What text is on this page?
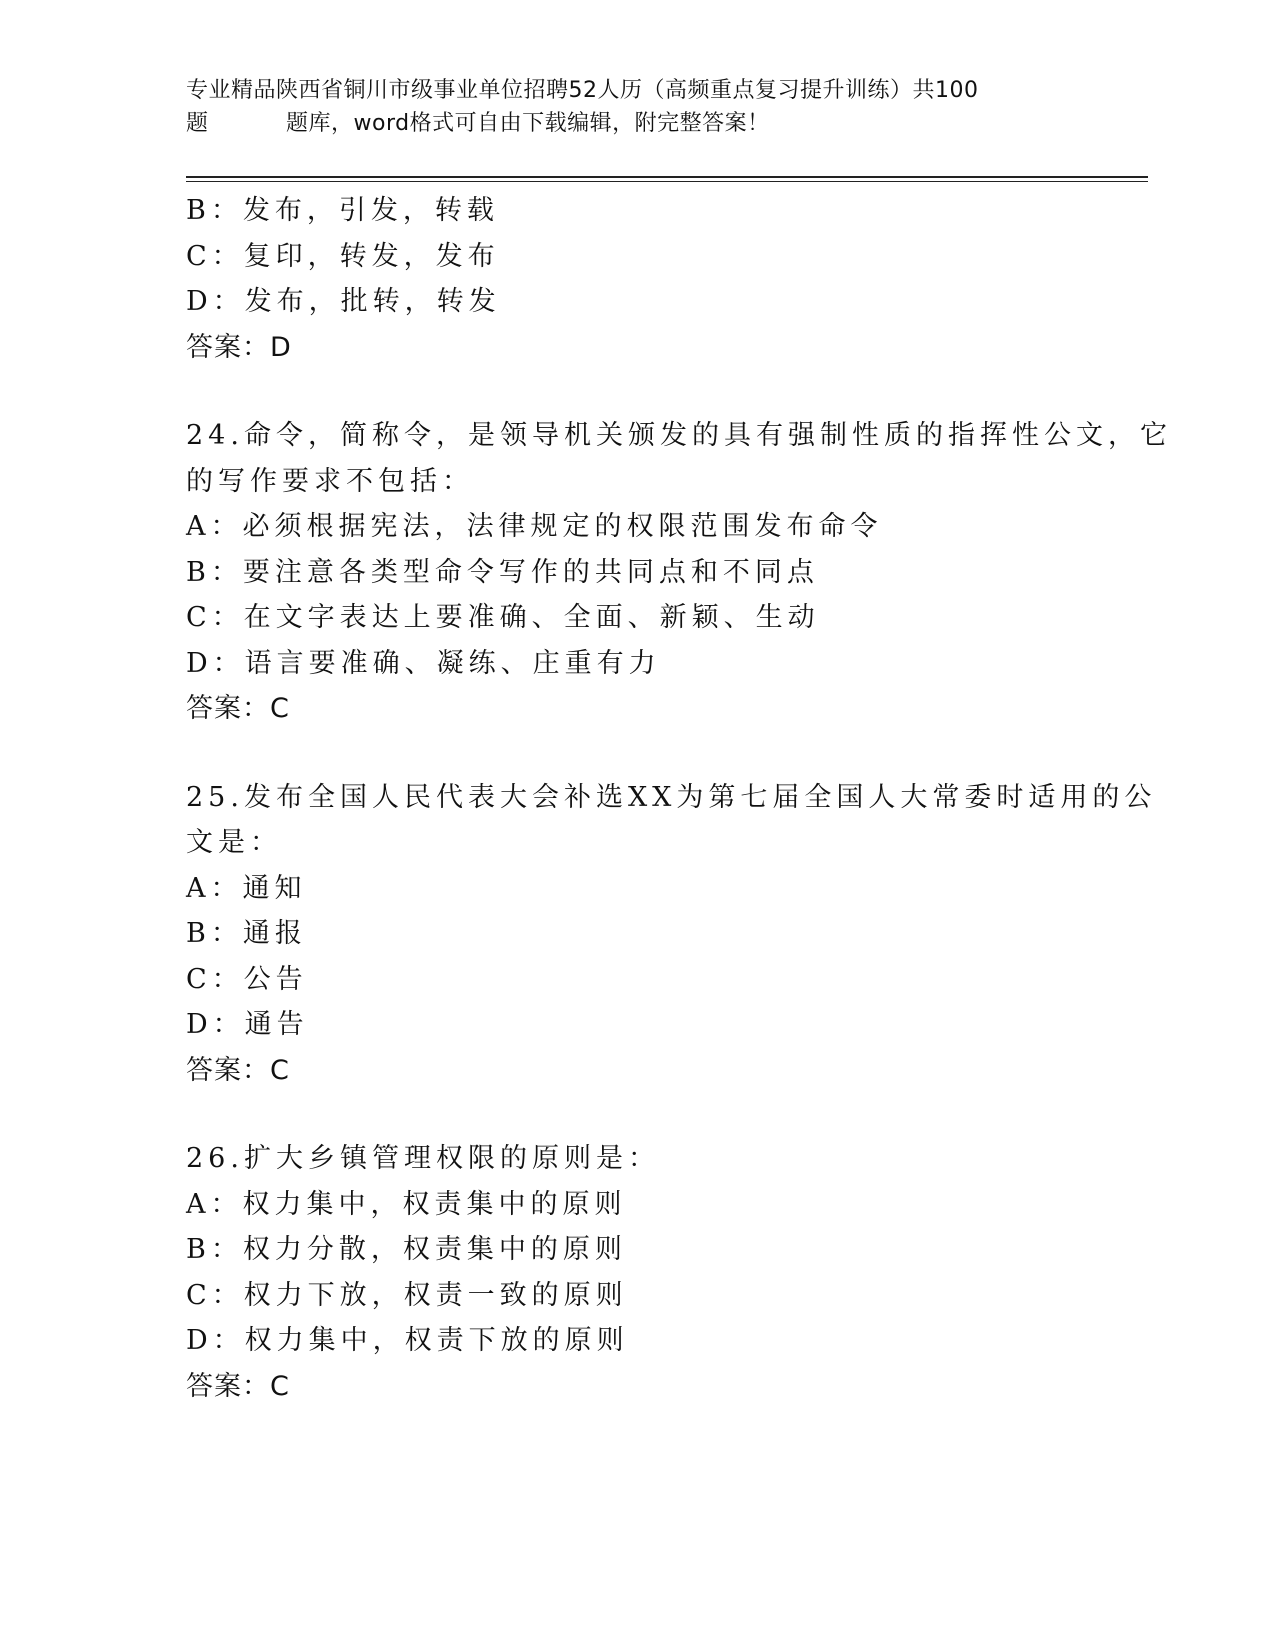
专业精品陕西省铜川市级事业单位招聘52人历（高频重点复习提升训练）共100
题	题库，word格式可自由下载编辑，附完整答案！
B：发布，引发，转载
C：复印，转发，发布
D：发布，批转，转发
答案：D
24.命令，简称令，是领导机关颁发的具有强制性质的指挥性公文，它
的写作要求不包括：
A：必须根据宪法，法律规定的权限范围发布命令
B：要注意各类型命令写作的共同点和不同点
C：在文字表达上要准确、全面、新颖、生动
D：语言要准确、凝练、庄重有力
答案：C
25.发布全国人民代表大会补选XX为第七届全国人大常委时适用的公
文是：
A：通知
B：通报
C：公告
D：通告
答案：C
26.扩大乡镇管理权限的原则是：
A：权力集中，权责集中的原则
B：权力分散，权责集中的原则
C：权力下放，权责一致的原则
D：权力集中，权责下放的原则
答案：C
